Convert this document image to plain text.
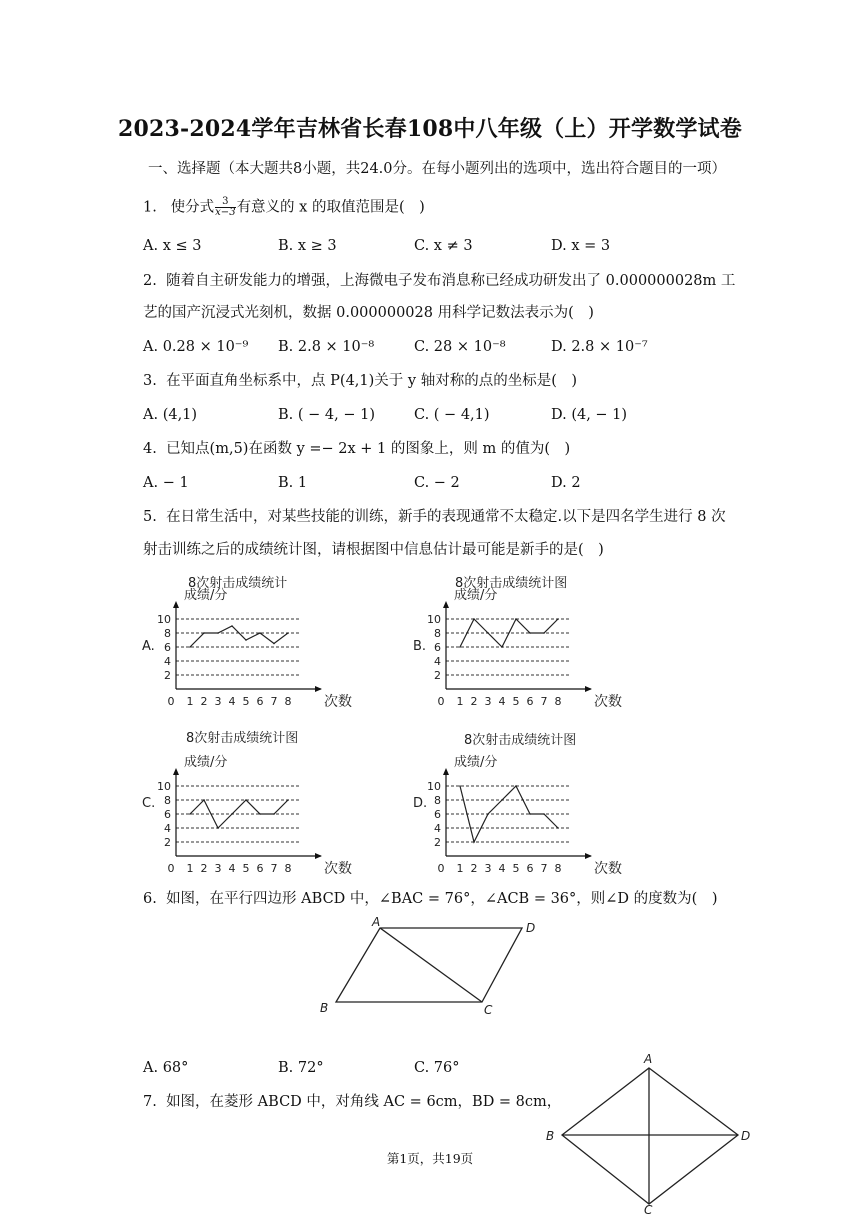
2023-2024学年吉林省长春108中八年级（上）开学数学试卷
一、选择题（本大题共8小题，共24.0分。在每小题列出的选项中，选出符合题目的一项）
1. 使分式 $\frac{3}{x-3}$ 有意义的 x 的取值范围是(　)
A. x ≤ 3	B. x ≥ 3	C. x ≠ 3	D. x = 3
2. 随着自主研发能力的增强，上海微电子发布消息称已经成功研发出了 0.000000028m 工
艺的国产沉浸式光刻机，数据 0.000000028 用科学记数法表示为(　)
A. 0.28 × 10⁻⁹ B. 2.8 × 10⁻⁸	C. 28 × 10⁻⁸	D. 2.8 × 10⁻⁷
3. 在平面直角坐标系中，点 P(4,1)关于 y 轴对称的点的坐标是(　)
A. (4,1)	B. ( − 4, − 1)	C. ( − 4,1)	D. (4, − 1)
4. 已知点(m,5)在函数 y =− 2x + 1 的图象上，则 m 的值为(　)
A. − 1	B. 1	C. − 2	D. 2
5. 在日常生活中，对某些技能的训练，新手的表现通常不太稳定.以下是四名学生进行 8 次
射击训练之后的成绩统计图，请根据图中信息估计最可能是新手的是(　)
A.
8次射击成绩统计
成绩/分
2
4
6
8
10
0 1 2 3 4 5 6 7 8 次数
B.
8次射击成绩统计图
成绩/分
2
4
6
8
10
0 1 2 3 4 5 6 7 8 次数
C.
8次射击成绩统计图
成绩/分
2
4
6
8
10
0 1 2 3 4 5 6 7 8 次数
D.
8次射击成绩统计图
成绩/分
2
4
6
8
10
0 1 2 3 4 5 6 7 8 次数
6. 如图，在平行四边形 ABCD 中，∠BAC = 76°，∠ACB = 36°，则∠D 的度数为(　)
A
B	C
D
A. 68°	B. 72°	C. 76°
7. 如图，在菱形 ABCD 中，对角线 AC = 6cm，BD = 8cm，
A
B
C
D
第1页，共19页
